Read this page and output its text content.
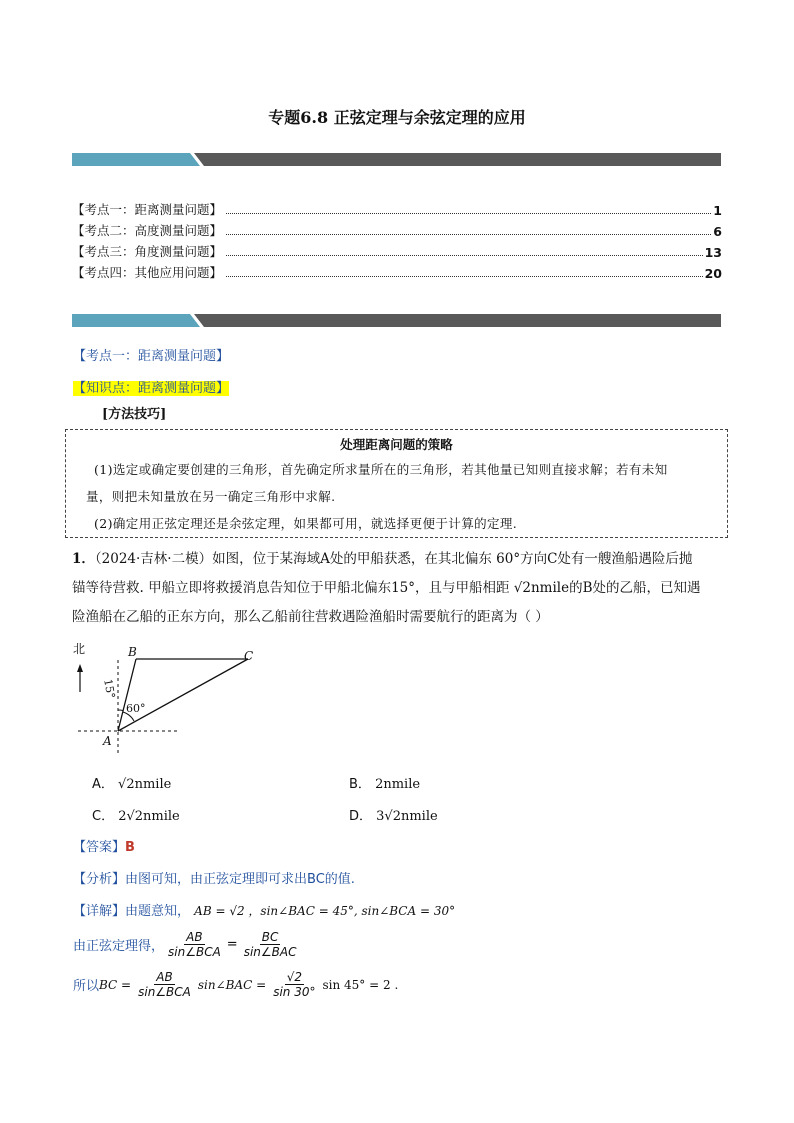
专题6.8 正弦定理与余弦定理的应用
【考点一：距离测量问题】	1
【考点二：高度测量问题】	6
【考点三：角度测量问题】	13
【考点四：其他应用问题】	20
【考点一：距离测量问题】
【知识点：距离测量问题】
[方法技巧]
处理距离问题的策略
(1)选定或确定要创建的三角形，首先确定所求量所在的三角形，若其他量已知则直接求解；若有未知
量，则把未知量放在另一确定三角形中求解.
(2)确定用正弦定理还是余弦定理，如果都可用，就选择更便于计算的定理.
1．（2024·吉林·二模）如图，位于某海域A处的甲船获悉，在其北偏东 60°方向C处有一艘渔船遇险后抛
锚等待营救. 甲船立即将救援消息告知位于甲船北偏东15°，且与甲船相距 √2nmile的B处的乙船，已知遇
险渔船在乙船的正东方向，那么乙船前往营救遇险渔船时需要航行的距离为（ ）
北	B	C
A
15°
60°
A． √2nmile	B． 2nmile
C． 2√2nmile	D． 3√2nmile
【答案】B
【分析】由图可知，由正弦定理即可求出BC的值.
【详解】由题意知， AB = √2 ，sin∠BAC = 45°, sin∠BCA = 30°
由正弦定理得， $\frac{AB}{\text{sin∠BCA}} = \frac{BC}{\text{sin∠BAC}}$
所以 BC = $\frac{AB}{\text{sin∠BCA}}$ sin∠BAC = $\frac{√2}{\sin 30^\circ}$ sin 45° = 2 .
